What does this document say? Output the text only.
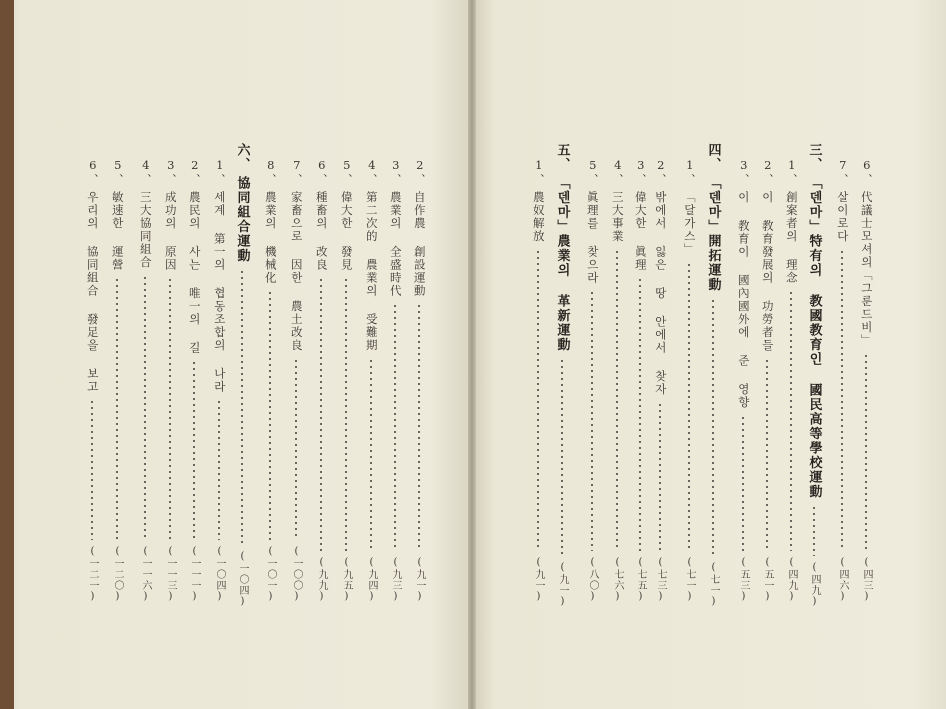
2、
自作農 創設運動
(九一)
3、
農業의 全盛時代
(九三)
4、
第二次的 農業의 受難期
(九四)
5、
偉大한 發見
(九五)
6、
種畜의 改良
(九九)
7、
家畜으로 因한 農土改良
(一〇〇)
8、
農業의 機械化
(一〇一)
六、
協同組合運動
(一〇四)
1、
세계 第一의 협동조합의 나라
(一〇四)
2、
農民의 사는 唯一의 길
(一一一)
3、
成功의 原因
(一一三)
4、
三大協同組合
(一一六)
5、
敏速한 運營
(一二〇)
6、
우리의 協同組合 發足을 보고
(一二一)
6、
代議士모셔의「그룬드비」
(四三)
7、
살이로다
(四六)
三、
「덴마」特有의 教國教育인 國民高等學校運動
(四九)
1、
創案者의 理念
(四九)
2、
이 教育發展의 功勞者들
(五一)
3、
이 教育이 國內國外에 준 영향
(五三)
四、
「덴마」開拓運動
(七一)
1、
「달가스」
(七一)
2、
밖에서 잃은 땅 안에서 찾자
(七三)
3、
偉大한 眞理
(七五)
4、
三大事業
(七六)
5、
眞理를 찾으라
(八〇)
五、
「덴마」農業의 革新運動
(九一)
1、
農奴解放
(九一)
